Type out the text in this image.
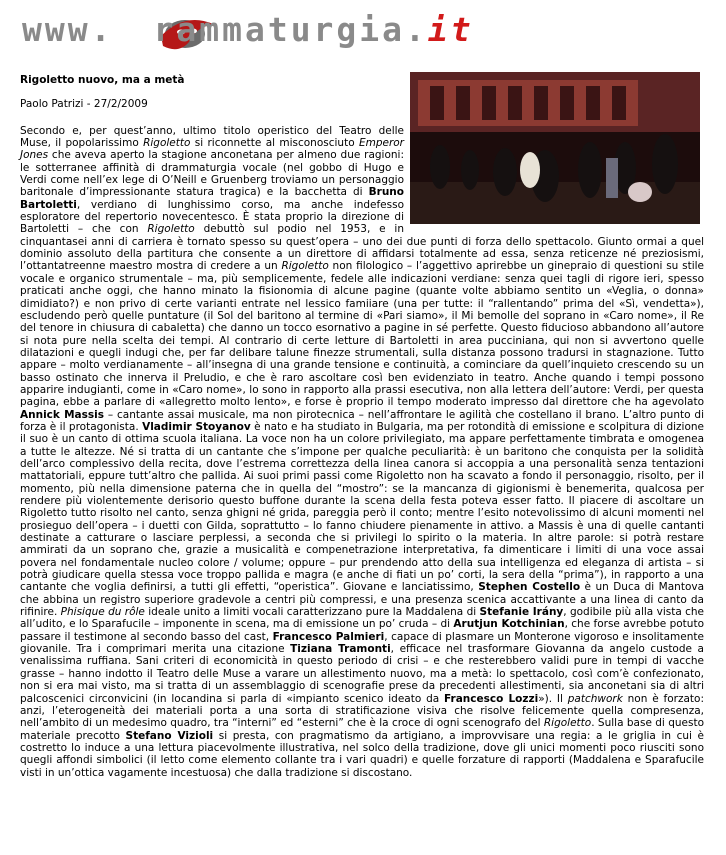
www. rammaturgia.it

Rigoletto nuovo, ma a metà

Paolo Patrizi - 27/2/2009

Secondo e, per quest’anno, ultimo titolo operistico del Teatro delle Muse, il popolarissimo Rigoletto si riconnette al misconosciuto Emperor Jones che aveva aperto la stagione anconetana per almeno due ragioni: le sotterranee affinità di drammaturgia vocale (nel gobbo di Hugo e Verdi come nell’ex lege di O’Neill e Gruenberg troviamo un personaggio baritonale d’impressionante statura tragica) e la bacchetta di Bruno Bartoletti, verdiano di lunghissimo corso, ma anche indefesso esploratore del repertorio novecentesco. È stata proprio la direzione di Bartoletti – che con Rigoletto debuttò sul podio nel 1953, e in cinquantasei anni di carriera è tornato spesso su quest’opera – uno dei due punti di forza dello spettacolo. Giunto ormai a quel dominio assoluto della partitura che consente a un direttore di affidarsi totalmente ad essa, senza reticenze né preziosismi, l’ottantatreenne maestro mostra di credere a un Rigoletto non filologico – l’aggettivo aprirebbe un ginepraio di questioni su stile vocale e organico strumentale – ma, più semplicemente, fedele alle indicazioni verdiane: senza quei tagli di rigore ieri, spesso praticati anche oggi, che hanno minato la fisionomia di alcune pagine (quante volte abbiamo sentito un «Veglia, o donna» dimidiato?) e non privo di certe varianti entrate nel lessico famiiare (una per tutte: il “rallentando” prima del «Sì, vendetta»), escludendo però quelle puntature (il Sol del baritono al termine di «Pari siamo», il Mi bemolle del soprano in «Caro nome», il Re del tenore in chiusura di cabaletta) che danno un tocco esornativo a pagine in sé perfette. Questo fiducioso abbandono all’autore si nota pure nella scelta dei tempi. Al contrario di certe letture di Bartoletti in area pucciniana, qui non si avvertono quelle dilatazioni e quegli indugi che, per far delibare talune finezze strumentali, sulla distanza possono tradursi in stagnazione. Tutto appare – molto verdianamente – all’insegna di una grande tensione e continuità, a cominciare da quell’inquieto crescendo su un basso ostinato che innerva il Preludio, e che è raro ascoltare così ben evidenziato in teatro. Anche quando i tempi possono apparire indugianti, come in «Caro nome», lo sono in rapporto alla prassi esecutiva, non alla lettera dell’autore: Verdi, per questa pagina, ebbe a parlare di «allegretto molto lento», e forse è proprio il tempo moderato impresso dal direttore che ha agevolato Annick Massis – cantante assai musicale, ma non pirotecnica – nell’affrontare le agilità che costellano il brano. L’altro punto di forza è il protagonista. Vladimir Stoyanov è nato e ha studiato in Bulgaria, ma per rotondità di emissione e scolpitura di dizione il suo è un canto di ottima scuola italiana. La voce non ha un colore privilegiato, ma appare perfettamente timbrata e omogenea a tutte le altezze. Né si tratta di un cantante che s’impone per qualche peculiarità: è un baritono che conquista per la solidità dell’arco complessivo della recita, dove l’estrema correttezza della linea canora si accoppia a una personalità senza tentazioni mattatoriali, eppure tutt’altro che pallida. Ai suoi primi passi come Rigoletto non ha scavato a fondo il personaggio, risolto, per il momento, più nella dimensione paterna che in quella del “mostro”: se la mancanza di gigionismi è benemerita, qualcosa per rendere più violentemente derisorio questo buffone durante la scena della festa poteva esser fatto. Il piacere di ascoltare un Rigoletto tutto risolto nel canto, senza ghigni né grida, pareggia però il conto; mentre l’esito notevolissimo di alcuni momenti nel prosieguo dell’opera – i duetti con Gilda, soprattutto – lo fanno chiudere pienamente in attivo. a Massis è una di quelle cantanti destinate a catturare o lasciare perplessi, a seconda che si privilegi lo spirito o la materia. In altre parole: si potrà restare ammirati da un soprano che, grazie a musicalità e compenetrazione interpretativa, fa dimenticare i limiti di una voce assai povera nel fondamentale nucleo colore / volume; oppure – pur prendendo atto della sua intelligenza ed eleganza di artista – si potrà giudicare quella stessa voce troppo pallida e magra (e anche di fiati un po’ corti, la sera della “prima”), in rapporto a una cantante che voglia definirsi, a tutti gli effetti, “operistica”. Giovane e lanciatissimo, Stephen Costello è un Duca di Mantova che abbina un registro superiore gradevole a centri più compressi, e una presenza scenica accattivante a una linea di canto da rifinire. Phisique du rôle ideale unito a limiti vocali caratterizzano pure la Maddalena di Stefanie Irány, godibile più alla vista che all’udito, e lo Sparafucile – imponente in scena, ma di emissione un po’ cruda – di Arutjun Kotchinian, che forse avrebbe potuto passare il testimone al secondo basso del cast, Francesco Palmieri, capace di plasmare un Monterone vigoroso e insolitamente giovanile. Tra i comprimari merita una citazione Tiziana Tramonti, efficace nel trasformare Giovanna da angelo custode a venalissima ruffiana. Sani criteri di economicità in questo periodo di crisi – e che resterebbero validi pure in tempi di vacche grasse – hanno indotto il Teatro delle Muse a varare un allestimento nuovo, ma a metà: lo spettacolo, così com’è confezionato, non si era mai visto, ma si tratta di un assemblaggio di scenografie prese da precedenti allestimenti, sia anconetani sia di altri palcoscenici circonvicini (in locandina si parla di «impianto scenico ideato da Francesco Lozzi»). Il patchwork non è forzato: anzi, l’eterogeneità dei materiali porta a una sorta di stratificazione visiva che risolve felicemente quella compresenza, nell’ambito di un medesimo quadro, tra “interni” ed “esterni” che è la croce di ogni scenografo del Rigoletto. Sulla base di questo materiale precotto Stefano Vizioli si presta, con pragmatismo da artigiano, a improvvisare una regia: a le griglia in cui è costretto lo induce a una lettura piacevolmente illustrativa, nel solco della tradizione, dove gli unici momenti poco riusciti sono quegli affondi simbolici (il letto come elemento collante tra i vari quadri) e quelle forzature di rapporti (Maddalena e Sparafucile visti in un’ottica vagamente incestuosa) che dalla tradizione si discostano.
